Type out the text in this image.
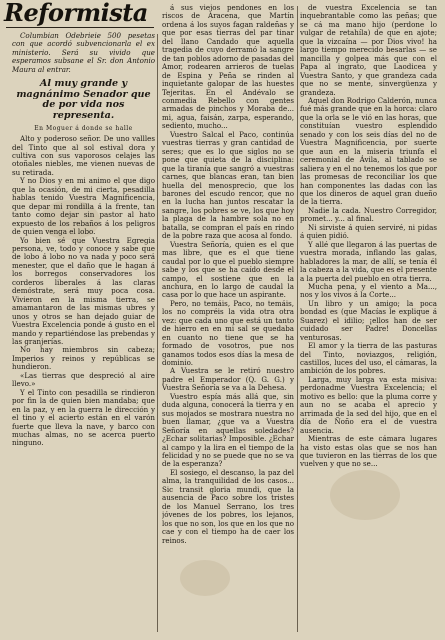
Reformista
Columbian Odebrieie 500 pesetas con que acordó subvencionarla el ex ministerio. Será su vivido que esperamos subsane el Sr. don Antonio Maura al entrar.
Al muy grande y magnánimo Senador que de por vida nos representa.
En Moguer á donde se halle

Alto y poderoso señor. De uno vallles del Tinto que al sol estival dora y cultiva con sus vaporosos celajes las otoñales niebles, me vienen nuevas de su retirada.

Y no Dios y en mi animo el que digo que la ocasión, de mi cierta, pesadilla hablas tenido Vuestra Magnificencia, que depar mi rondilla á la frente, tan tanto como dejar sin pastor al hato expuesto de los rebaños á los peligros de quien venga el lobo.

Yo bien sé que Vuestra Egregia persona, ve, todo y conoce y sabe que de lobo á lobo no va nada y poco será menester, que el daño que le hagan á los borregos conservadores los corderos liberales á las claras demóstrate, será muy poca cosa. Vivieron en la misma tierra, se amamantaron de las mismas ubres y unos y otros se han dejado guiar de Vuestra Excelencia ponde á gusto en el mando y repartiéndose las prebendas y las granjerías.

No hay miembros sin cabeza; Imperios y reinos y repúblicas se hundieron.

«Las tierras que despreció al aire llevo.»

Y el Tinto con pesadilla se rindieron por fin la de quien bien mandaba; que en la paz, y en la guerra le dirección y el tino y el acierto están en el varón fuerte que lleva la nave, y barco con muchas almas, no se acerca puerto ninguno.

á sus viejos pendones en los riscos de Aracena, que Martín ordena á los suyos fagan raldeñas y que por esas tierras del par tinar del llano Candado que aquella tragedia de cuyo derramó la sangre de tan poblos adorno de pasadas del Amor, rodearen arrieros de tuelas de Espina y Peña se rinden al inquietante galopar de las huestes Tejeritas. En el Andévalo se conmedia Rebello con gentes armadas de pinchos y Moraba de... mi, agua, faisán, zarpa, esperando, sediento, mucho...

Vuestro Salcal el Paco, continúa vuestras tierras y gran cantidad de seres; que es lo que siglos no se pone que quieta de la disciplina: que la tiranía que sangró a vuestras carnes, que blancas eran, tan bien huella del menosprecio, que los barones del escudo rencor, que no en la lucha han juntos rescatar la sangre, los pobres se ve, los que hoy la plaga de la hambre sola no en batalla, se compran el país en rindo de la pobre raza que acosa al fondo.

Vuestra Señoría, quien es el que mas libre, que es el que tiene caudal por lo que el pueblo siempre sabe y los que se ha caído desde el campo, el sostiene que en la anchura, en lo largo de caudal la casa por lo que hace un aspirante.

Pero, no temáis, Paco, no temáis, los no compréis la vida otra otra vez: que cada uno que está un tanto de hierro en en mi sal se quedaba en cuanto no tiene que se ha formado de vosotros, pue nos ganamos todos esos días la mesa de dominio.

A Vuestra se le retiró nuestro padre el Emperador (Q. G. G.) y Vuestra Señoría se va a la Dehesa.

Vuestro espía más allá que, sin duda alguna, conocerá la tierra y en sus mojados se mostrara nuestra no buen llamar, ¿que va a Vuestra Señoría en aquellas soledades? ¿Echar solitarias? Imposible. ¿Echar al campo y la lira en el tiempo de la felicidad y no se puede que no se va de la esperanza?

El sosiego, el descanso, la paz del alma, la tranquilidad de los casos... Sic transit gloria mundi, que la ausencia de Paco sobre los tristes de los Manuel Serrano, los tres jóvenes de los pobres, los lejanos, los que no son, los que en los que no cae y con el tiempo ha de caer los reinos.

de vuestra Excelencia se tan inquebrantable como las peñas; que se cá ma mano hijo (perdone lo vulgar de retahíla) de que en ajote; que la vizcaína — por Dios vivo! ha largo tiempo merecido besarlas — se mancilla y golpea más que con el Papa al ingrato, que Laodicea y Vuestra Santo, y que grandeza cada que no se mente, sinvergüenza y grandeza.

Aquel don Rodrigo Calderón, nunca fué más grande que en la horca: claro que la orla se le vió en las horas, que constituían vuestro esplendido senado y con los seis días del no de Vuestra Magnificencia, por suerte que aun en la miseria triunfa el ceremonial de Ávila, al tablado se saliera y en el no tenemos los que por las promesas de reconciliar los que han componentes las dadas con las que los dineros de aquel gran dueño de la tierra.

Nadie la cada. Nuestro Corregidor, promet... y... al final.

Ni sirviste á quien serviré, ni pidas á quien pidió.

Y allé que llegaron á las puertas de vuestra morada, inflando las galas, habladores la mar, de allí, se tenía él la cabeza a la vida, que es el presente a la puerta del pueblo en otra tierra.

Mucha pena, y el viento a Ma..., nos y los vivos á la Corte...

Un libro y un amigo; la poca bondad es (que Macías le explique á Suarez) el idilio; ¡ellos han de ser cuidado ser Padre! Doncellas venturosas.

El amor y la tierra de las pasturas del Tinto, noviazgos, religión, castillos, luces del uso, el cámaras, la ambición de los pobres.

Larga, muy larga va esta misiva: perdonadme Vuestra Excelencia; el motivo es bello: que la pluma corre y aun no se acaba el aprecio y arrimada de la sed del hijo, que en el día de Ñoño era el de vuestra ausencia.

Mientras de este cámara lugares ha visto estas olas que se nos han que tuvieron en las tierras de los que vuelven y que no se...
